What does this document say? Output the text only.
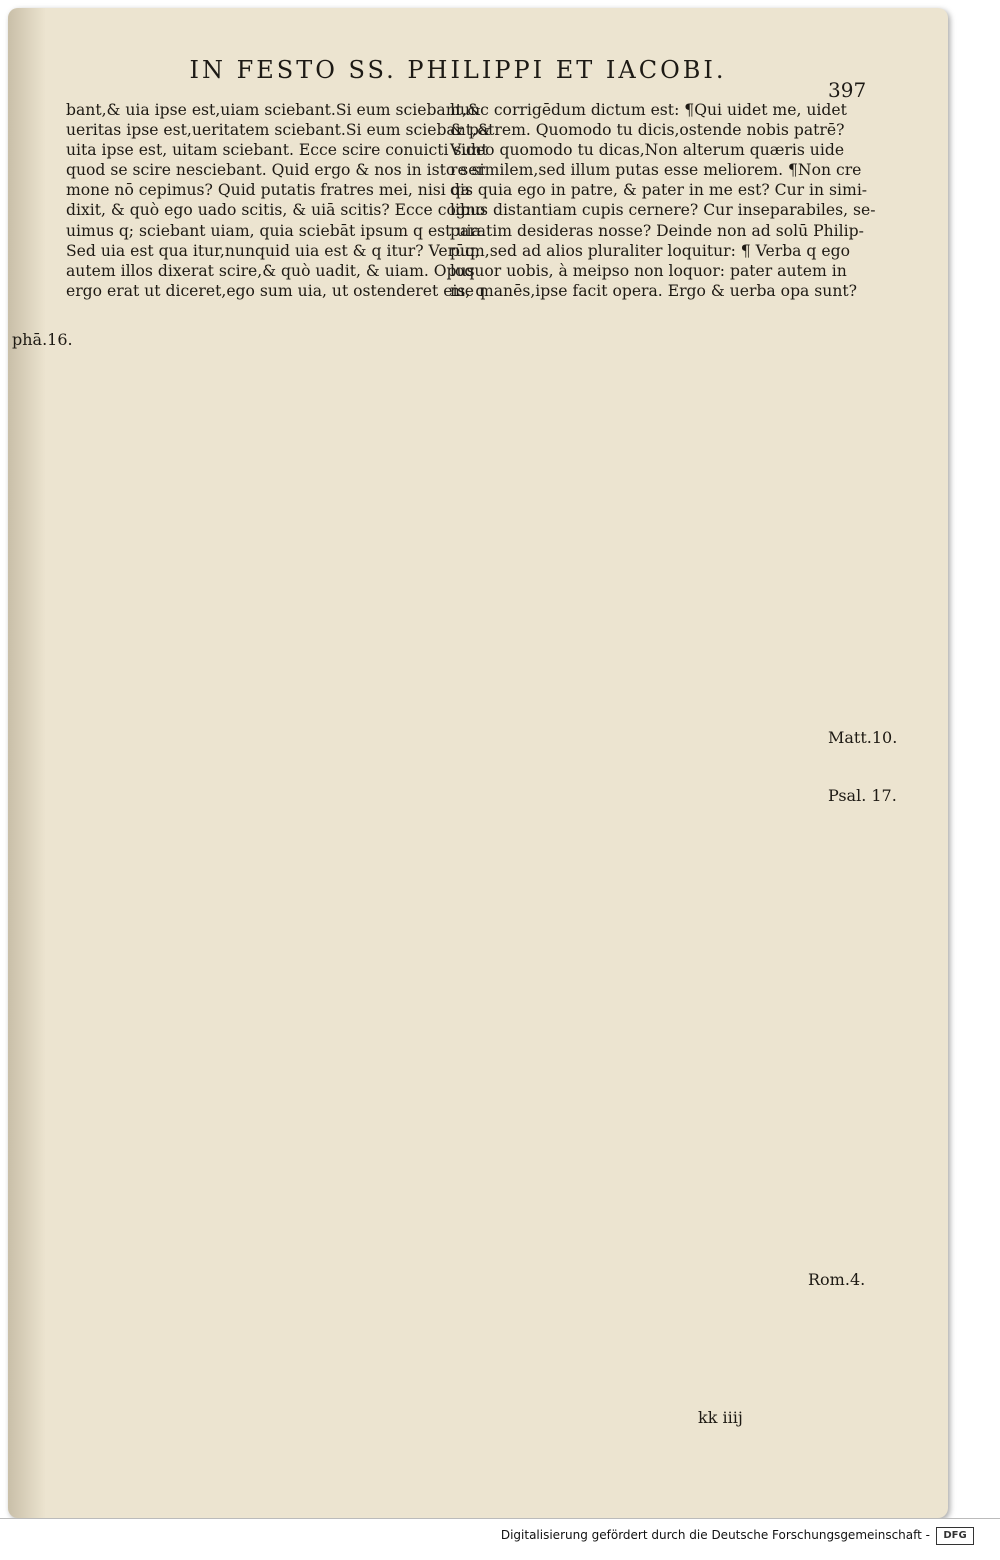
IN FESTO SS. PHILIPPI ET IACOBI.
397
phā.16.
Matt.10.
Psal. 17.
Rom.4.

bant,& uia ipse est,uiam sciebant.Si eum sciebant,&

ueritas ipse est,ueritatem sciebant.Si eum sciebant,&

uita ipse est, uitam sciebant. Ecce scire conuicti sunt

quod se scire nesciebant. Quid ergo & nos in isto ser

mone nō cepimus? Quid putatis fratres mei, nisi qa

dixit, & quò ego uado scitis, & uiā scitis? Ecce cogno

uimus q; sciebant uiam, quia sciebāt ipsum q est uia.

Sed uia est qua itur,nunquid uia est & q itur? Verūq;

autem illos dixerat scire,& quò uadit, & uiam. Opus

ergo erat ut diceret,ego sum uia, ut ostenderet eis, q

hunc corrigēdum dictum est: ¶Qui uidet me, uidet

& patrem. Quomodo tu dicis,ostende nobis patrē?

Video quomodo tu dicas,Non alterum quæris uide

re similem,sed illum putas esse meliorem. ¶Non cre

dis quia ego in patre, & pater in me est? Cur in simi-

libus distantiam cupis cernere? Cur inseparabiles, se-

paratim desideras nosse? Deinde non ad solū Philip-

pum,sed ad alios pluraliter loquitur: ¶ Verba q ego

loquor uobis, à meipso non loquor: pater autem in

me manēs,ipse facit opera. Ergo & uerba opa sunt?

kk iiij
Digitalisierung gefördert durch die Deutsche Forschungsgemeinschaft -	DFG
